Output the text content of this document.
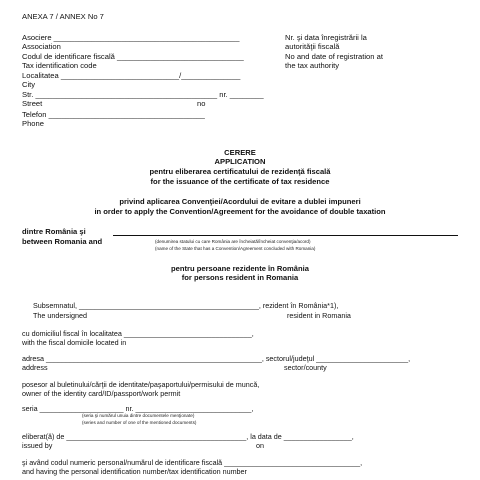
ANEXA 7 / ANNEX No 7
Asociere ____________________________________________
Association
Codul de identificare fiscală ______________________________
Tax identification code
Localitatea ____________________________/______________
City
Str. ___________________________________________ nr. ________
Street	no
Telefon _____________________________________
Phone
Nr. şi data înregistrării la
autorităţii fiscală
No and date of registration at
the tax authority
CERERE
APPLICATION
pentru eliberarea certificatului de rezidenţă fiscală
for the issuance of the certificate of tax residence
privind aplicarea Convenţiei/Acordului de evitare a dublei impuneri
in order to apply the Convention/Agreement for the avoidance of double taxation
dintre România şi
between Romania and	(denumirea statului cu care România are încheiată/încheiat convenţia/acord)
(name of the State that has a Convention/Agreement concluded with Romania)
pentru persoane rezidente în România
for persons resident in Romania
Subsemnatul, _____________________________________________, rezident în România*1),
The undersigned	resident in Romania
cu domiciliul fiscal în localitatea ________________________________,
with the fiscal domicile located in
adresa ______________________________________________________, sectorul/judeţul _______________________,
address	sector/county
posesor al buletinului/cărţii de identitate/paşaportului/permisului de muncă,
owner of the identity card/ID/passport/work permit
seria _____________________ nr. _____________________________,
(seria şi numărul unuia dintre documentele menţionate)
(series and number of one of the mentioned documents)
eliberat(ă) de _____________________________________________, la data de _________________,
issued by	on
şi având codul numeric personal/numărul de identificare fiscală __________________________________,
and having the personal identification number/tax identification number
